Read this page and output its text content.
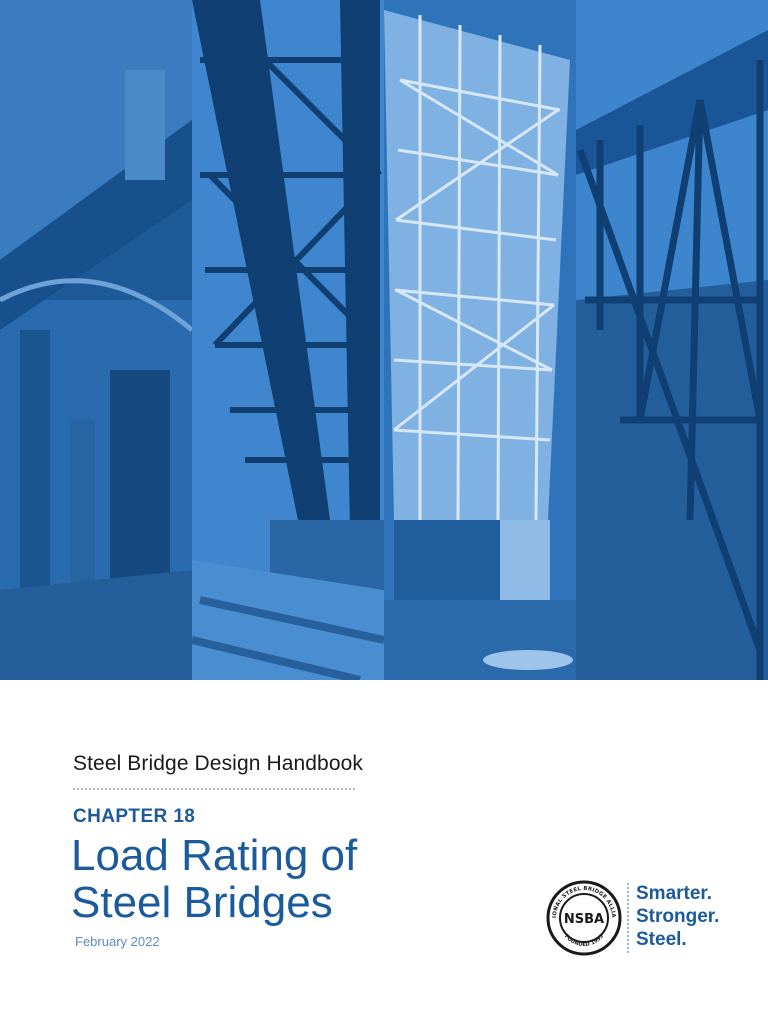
Steel Bridge Design Handbook
CHAPTER 18
Load Rating of
Steel Bridges
February 2022
IONAL STEEL BRIDGE ALLIA
FOUNDED 1995
NSBA
Smarter.
Stronger.
Steel.
